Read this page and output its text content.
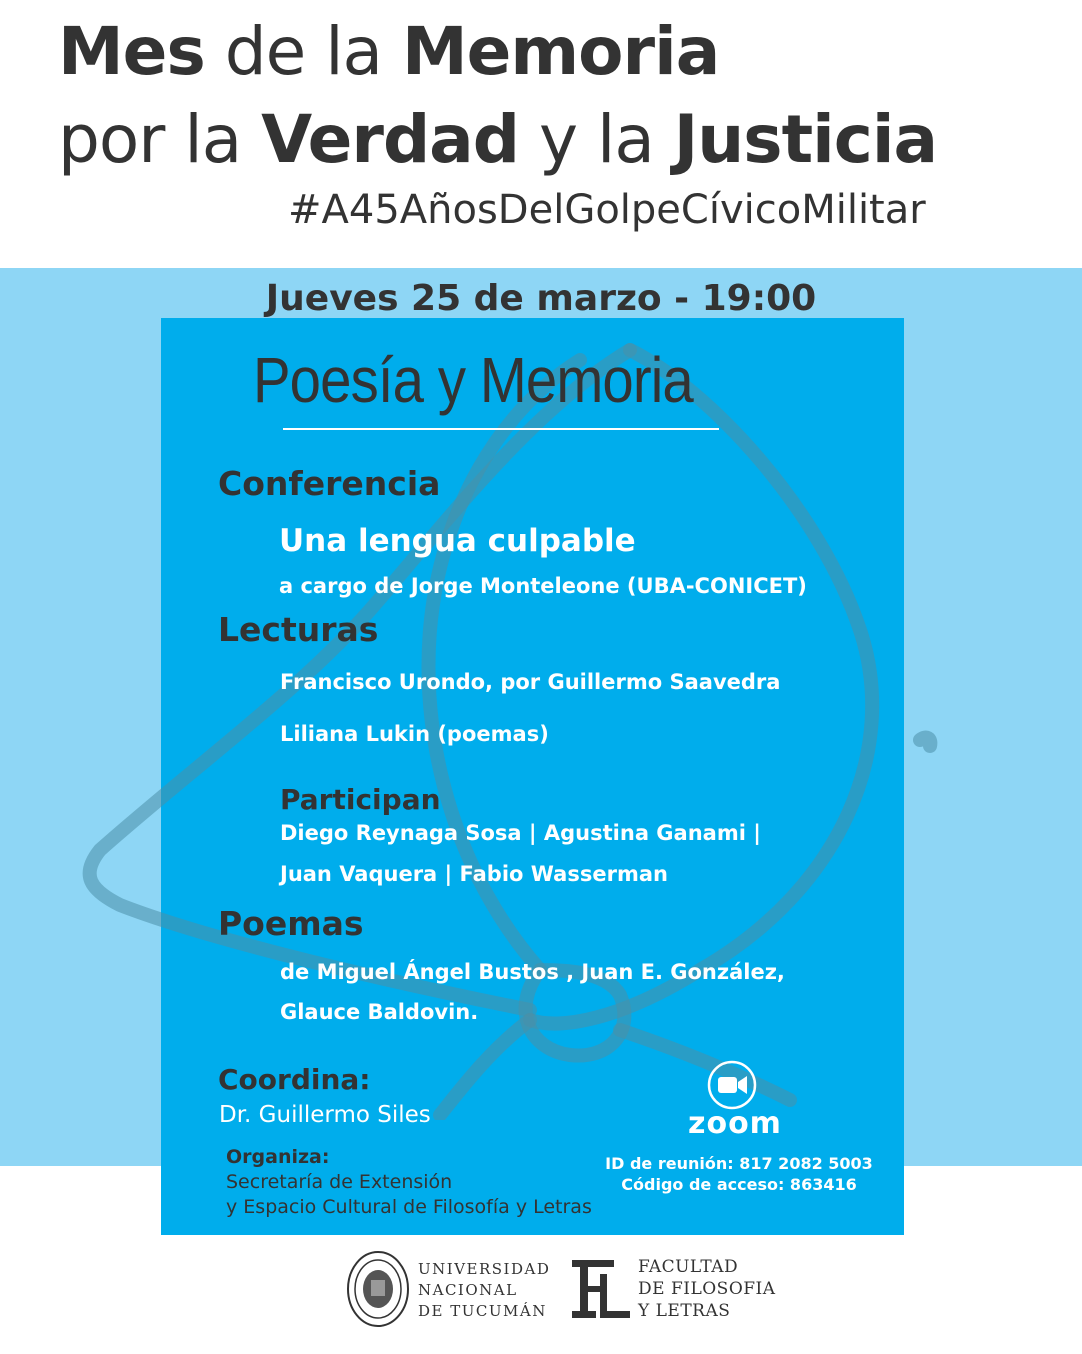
Mes de la Memoria
por la Verdad y la Justicia
#A45AñosDelGolpeCívicoMilitar
Jueves 25 de marzo - 19:00
Poesía y Memoria
Conferencia
Una lengua culpable
a cargo de Jorge Monteleone (UBA-CONICET)
Lecturas
Francisco Urondo, por Guillermo Saavedra
Liliana Lukin (poemas)
Participan
Diego Reynaga Sosa | Agustina Ganami |
Juan Vaquera | Fabio Wasserman
Poemas
de Miguel Ángel Bustos , Juan E. González,
Glauce Baldovin.
Coordina:
Dr. Guillermo Siles
Organiza:
Secretaría de Extensión
y Espacio Cultural de Filosofía y Letras
zoom
ID de reunión: 817 2082 5003
Código de acceso: 863416
UNIVERSIDAD
NACIONAL
DE TUCUMÁN
FACULTAD
DE FILOSOFIA
Y LETRAS
